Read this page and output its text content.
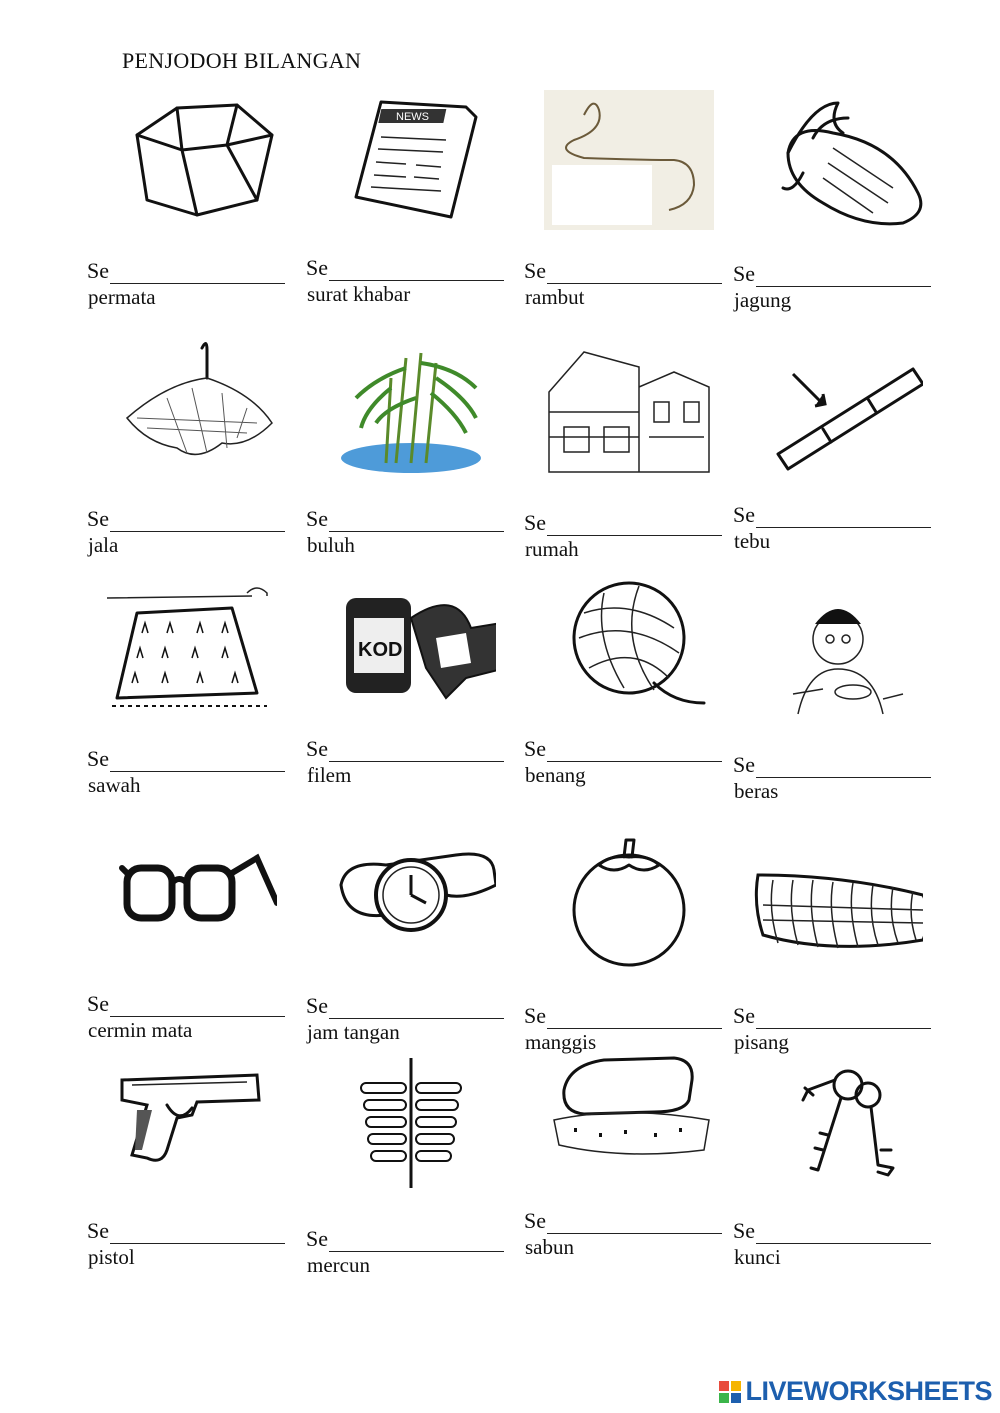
PENJODOH BILANGAN
Se
permata
NEWS
Se
surat khabar
Se
rambut
Se
jagung
Se
jala
Se
buluh
Se
rumah
Se
tebu
Se
sawah
KOD
Se
filem
Se
benang	Se
beras
Se
cermin mata
Se
jam tangan
Se
manggis
Se
pisang
Se
pistol
Se
mercun
Se
sabun
Se
kunci
LIVEWORKSHEETS
